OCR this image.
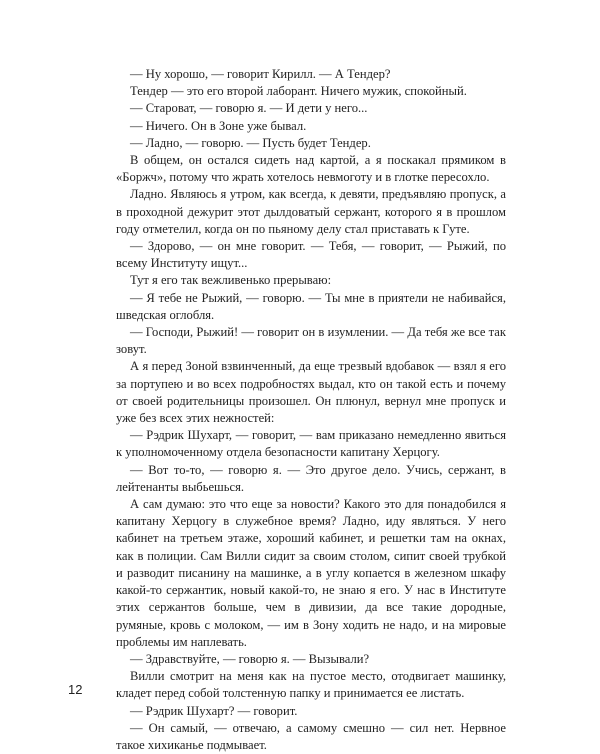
— Ну хорошо, — говорит Кирилл. — А Тендер?

Тендер — это его второй лаборант. Ничего мужик, спокойный.

— Староват, — говорю я. — И дети у него...

— Ничего. Он в Зоне уже бывал.

— Ладно, — говорю. — Пусть будет Тендер.

В общем, он остался сидеть над картой, а я поскакал прямиком в «Боржч», потому что жрать хотелось невмоготу и в глотке пересохло.

Ладно. Являюсь я утром, как всегда, к девяти, предъявляю пропуск, а в проходной дежурит этот дылдоватый сержант, которого я в прошлом году отметелил, когда он по пьяному делу стал приставать к Гуте.

— Здорово, — он мне говорит. — Тебя, — говорит, — Рыжий, по всему Институту ищут...

Тут я его так вежливенько прерываю:

— Я тебе не Рыжий, — говорю. — Ты мне в приятели не набивайся, шведская оглобля.

— Господи, Рыжий! — говорит он в изумлении. — Да тебя же все так зовут.

А я перед Зоной взвинченный, да еще трезвый вдобавок — взял я его за портупею и во всех подробностях выдал, кто он такой есть и почему от своей родительницы произошел. Он плюнул, вернул мне пропуск и уже без всех этих нежностей:

— Рэдрик Шухарт, — говорит, — вам приказано немедленно явиться к уполномоченному отдела безопасности капитану Херцогу.

— Вот то-то, — говорю я. — Это другое дело. Учись, сержант, в лейтенанты выбьешься.

А сам думаю: это что еще за новости? Какого это для понадобился я капитану Херцогу в служебное время? Ладно, иду являться. У него кабинет на третьем этаже, хороший кабинет, и решетки там на окнах, как в полиции. Сам Вилли сидит за своим столом, сипит своей трубкой и разводит писанину на машинке, а в углу копается в железном шкафу какой-то сержантик, новый какой-то, не знаю я его. У нас в Институте этих сержантов больше, чем в дивизии, да все такие дородные, румяные, кровь с молоком, — им в Зону ходить не надо, и на мировые проблемы им наплевать.

— Здравствуйте, — говорю я. — Вызывали?

Вилли смотрит на меня как на пустое место, отодвигает машинку, кладет перед собой толстенную папку и принимается ее листать.

— Рэдрик Шухарт? — говорит.

— Он самый, — отвечаю, а самому смешно — сил нет. Нервное такое хихиканье подмывает.

12
